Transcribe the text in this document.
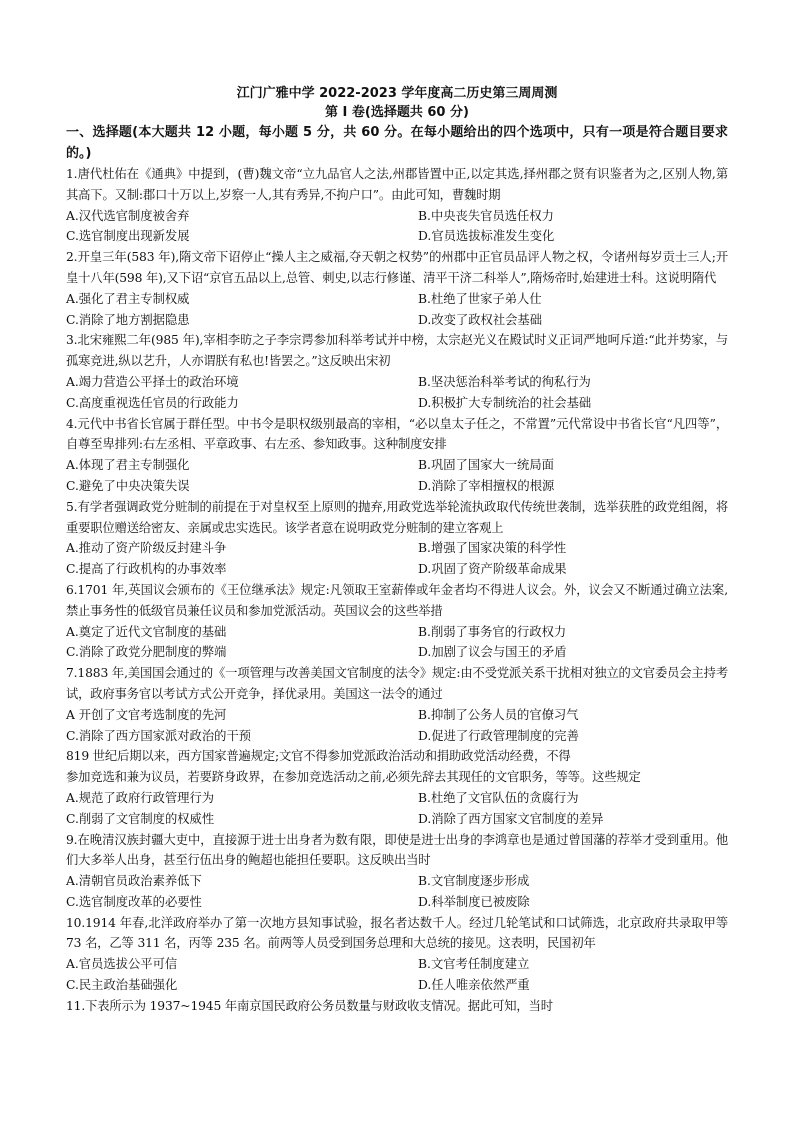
江门广雅中学 2022-2023 学年度高二历史第三周周测
第 I 卷(选择题共 60 分)
一、选择题(本大题共 12 小题，每小题 5 分，共 60 分。在每小题给出的四个选项中，只有一项是符合题目要求的。)
1.唐代杜佑在《通典》中提到，(曹)魏文帝“立九品官人之法,州郡皆置中正,以定其选,择州郡之贤有识鉴者为之,区别人物,第其高下。又制:郡口十万以上,岁察一人,其有秀异,不拘户口”。由此可知，曹魏时期
A.汉代选官制度被舍弃	B.中央丧失官员选任权力
C.选官制度出现新发展	D.官员选拔标准发生变化
2.开皇三年(583 年),隋文帝下诏停止“操人主之威福,夺天朝之权势”的州郡中正官员品评人物之权，令诸州每岁贡士三人;开皇十八年(598 年),又下诏“京官五品以上,总管、刺史,以志行修谨、清平干济二科举人”,隋炀帝时,始建进士科。这说明隋代
A.强化了君主专制权威	B.杜绝了世家子弟人仕
C.消除了地方割据隐患	D.改变了政权社会基础
3.北宋雍熙二年(985 年),宰相李昉之子李宗谔参加科举考试并中榜，太宗赵光义在殿试时义正词严地呵斥道:“此并势家，与孤寒竞进,纵以艺升，人亦谓朕有私也!皆罢之。”这反映出宋初
A.竭力营造公平择士的政治环境	B.坚决惩治科举考试的徇私行为
C.高度重视选任官员的行政能力	D.积极扩大专制统治的社会基础
4.元代中书省长官属于群任型。中书令是职权级别最高的宰相，“必以皇太子任之，不常置”元代常设中书省长官“凡四等”，自尊至卑排列:右左丞相、平章政事、右左丞、参知政事。这种制度安排
A.体现了君主专制强化	B.巩固了国家大一统局面
C.避免了中央决策失误	D.消除了宰相擅权的根源
5.有学者强调政党分赃制的前提在于对皇权至上原则的抛弃,用政党选举轮流执政取代传统世袭制，选举获胜的政党组阁，将重要职位赠送给密友、亲属或忠实选民。该学者意在说明政党分赃制的建立客观上
A.推动了资产阶级反封建斗争	B.增强了国家决策的科学性
C.提高了行政机构的办事效率	D.巩固了资产阶级革命成果
6.1701 年,英国议会颁布的《王位继承法》规定:凡领取王室薪俸或年金者均不得进人议会。外，议会又不断通过确立法案,禁止事务性的低级官员兼任议员和参加党派活动。英国议会的这些举措
A.奠定了近代文官制度的基础	B.削弱了事务官的行政权力
C.消除了政党分肥制度的弊端	D.加剧了议会与国王的矛盾
7.1883 年,美国国会通过的《一项管理与改善美国文官制度的法令》规定:由不受党派关系干扰相对独立的文官委员会主持考试，政府事务官以考试方式公开竞争，择优录用。美国这一法令的通过
A 开创了文官考选制度的先河	B.抑制了公务人员的官僚习气
C.消除了西方国家派对政治的干预	D.促进了行政管理制度的完善
819 世纪后期以来，西方国家普遍规定;文官不得参加党派政治活动和捐助政党活动经费，不得
参加竞选和兼为议员，若要跻身政界，在参加竞选活动之前,必须先辞去其现任的文官职务，等等。这些规定
A.规范了政府行政管理行为	B.杜绝了文官队伍的贪腐行为
C.削弱了文官制度的权威性	D.消除了西方国家文官制度的差异
9.在晚清汉族封疆大吏中，直接源于进士出身者为数有限，即使是进士出身的李鸿章也是通过曾国藩的荐举才受到重用。他们大多举人出身，甚至行伍出身的鲍超也能担任要职。这反映出当时
A.清朝官员政治素养低下	B.文官制度逐步形成
C.选官制度改革的必要性	D.科举制度已被废除
10.1914 年春,北洋政府举办了第一次地方县知事试验，报名者达数千人。经过几轮笔试和口试筛选，北京政府共录取甲等 73 名，乙等 311 名，丙等 235 名。前两等人员受到国务总理和大总统的接见。这表明，民国初年
A.官员选拔公平可信	B.文官考任制度建立
C.民主政治基础强化	D.任人唯亲依然严重
11.下表所示为 1937~1945 年南京国民政府公务员数量与财政收支情况。据此可知，当时
